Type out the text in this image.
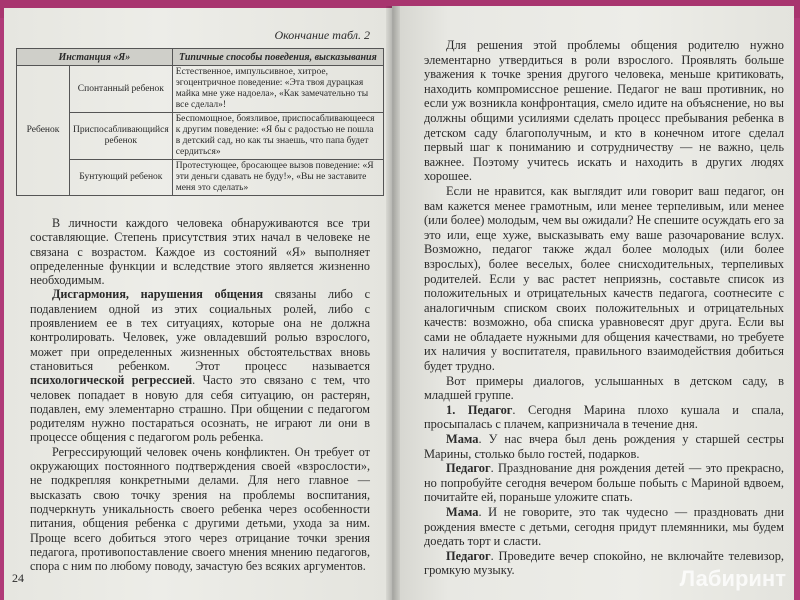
Окончание табл. 2
Инстанция «Я»		Типичные способы поведения, высказывания
Ребенок	Спонтанный ребенок	Естественное, импульсивное, хитрое, эгоцентричное поведение: «Эта твоя дурацкая майка мне уже надоела», «Как замечательно ты все сделал»!
	Приспосабливающийся ребенок	Беспомощное, боязливое, приспосабливающееся к другим поведение: «Я бы с радостью не пошла в детский сад, но как ты знаешь, что папа будет сердиться»
	Бунтующий ребенок	Протестующее, бросающее вызов поведение: «Я эти деньги сдавать не буду!», «Вы не заставите меня это сделать»

В личности каждого человека обнаруживаются все три составляющие. Степень присутствия этих начал в человеке не связана с возрастом. Каждое из состояний «Я» выполняет определенные функции и вследствие этого является жизненно необходимым.

Дисгармония, нарушения общения связаны либо с подавлением одной из этих социальных ролей, либо с проявлением ее в тех ситуациях, которые она не должна контролировать. Человек, уже овладевший ролью взрослого, может при определенных жизненных обстоятельствах вновь становиться ребенком. Этот процесс называется психологической регрессией. Часто это связано с тем, что человек попадает в новую для себя ситуацию, он растерян, подавлен, ему элементарно страшно. При общении с педагогом родителям нужно постараться осознать, не играют ли они в процессе общения с педагогом роль ребенка.

Регрессирующий человек очень конфликтен. Он требует от окружающих постоянного подтверждения своей «взрослости», не подкрепляя конкретными делами. Для него главное — высказать свою точку зрения на проблемы воспитания, подчеркнуть уникальность своего ребенка через особенности питания, общения ребенка с другими детьми, ухода за ним. Проще всего добиться этого через отрицание точки зрения педагога, противопоставление своего мнения мнению педагогов, спора с ним по любому поводу, зачастую без всяких аргументов.

24

Для решения этой проблемы общения родителю нужно элементарно утвердиться в роли взрослого. Проявлять больше уважения к точке зрения другого человека, меньше критиковать, находить компромиссное решение. Педагог не ваш противник, но если уж возникла конфронтация, смело идите на объяснение, но вы должны общими усилиями сделать процесс пребывания ребенка в детском саду благополучным, и кто в конечном итоге сделал первый шаг к пониманию и сотрудничеству — не важно, цель важнее. Поэтому учитесь искать и находить в других людях хорошее.

Если не нравится, как выглядит или говорит ваш педагог, он вам кажется менее грамотным, или менее терпеливым, или менее (или более) молодым, чем вы ожидали? Не спешите осуждать его за это или, еще хуже, высказывать ему ваше разочарование вслух. Возможно, педагог также ждал более молодых (или более взрослых), более веселых, более снисходительных, терпеливых родителей. Если у вас растет неприязнь, составьте список из положительных и отрицательных качеств педагога, соотнесите с аналогичным списком своих положительных и отрицательных качеств: возможно, оба списка уравновесят друг друга. Если вы сами не обладаете нужными для общения качествами, но требуете их наличия у воспитателя, правильного взаимодействия добиться будет трудно.

Вот примеры диалогов, услышанных в детском саду, в младшей группе.

1. Педагог. Сегодня Марина плохо кушала и спала, просыпалась с плачем, капризничала в течение дня.

Мама. У нас вчера был день рождения у старшей сестры Марины, столько было гостей, подарков.

Педагог. Празднование дня рождения детей — это прекрасно, но попробуйте сегодня вечером больше побыть с Мариной вдвоем, почитайте ей, пораньше уложите спать.

Мама. И не говорите, это так чудесно — праздновать дни рождения вместе с детьми, сегодня придут племянники, мы будем доедать торт и сласти.

Педагог. Проведите вечер спокойно, не включайте телевизор, громкую музыку.	Лабиринт
